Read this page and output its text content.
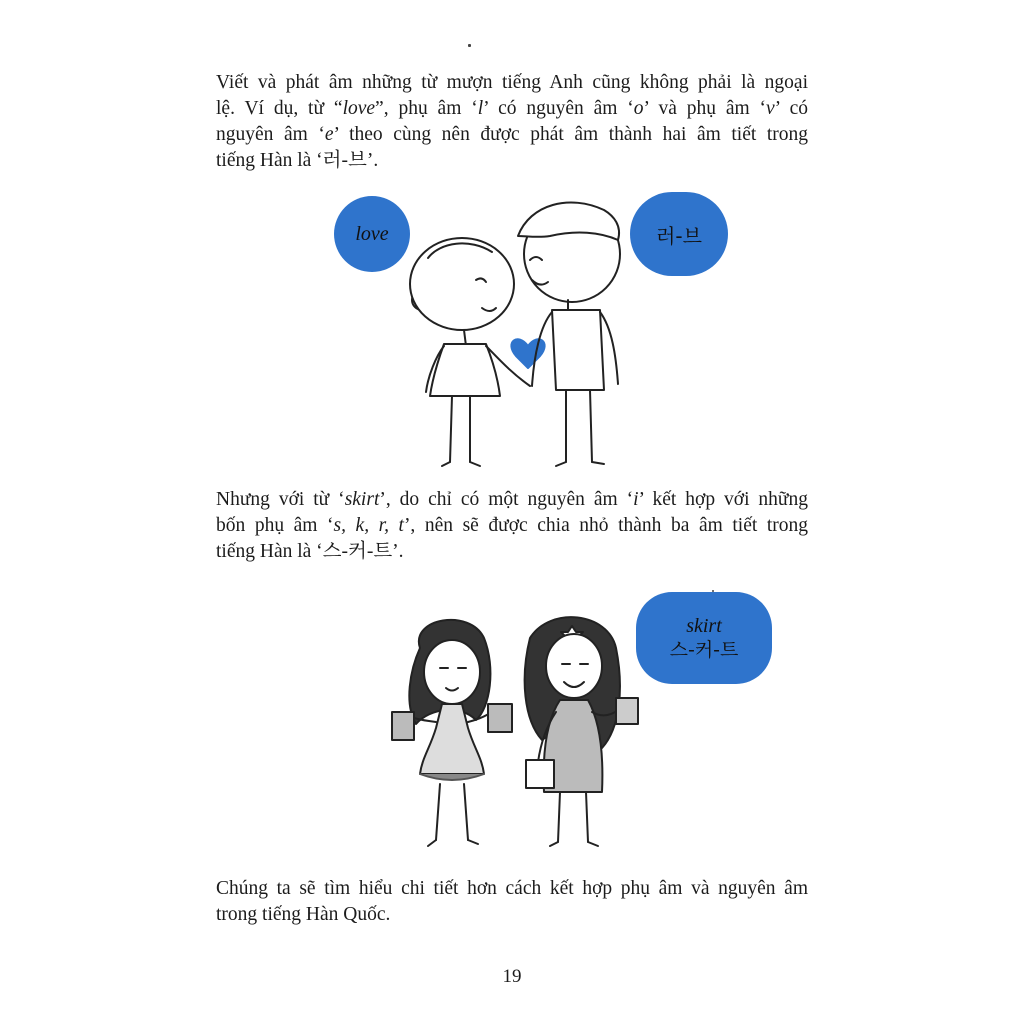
Viết và phát âm những từ mượn tiếng Anh cũng không phải là ngoại
lệ. Ví dụ, từ “love”, phụ âm ‘l’ có nguyên âm ‘o’ và phụ âm ‘v’ có
nguyên âm ‘e’ theo cùng nên được phát âm thành hai âm tiết trong
tiếng Hàn là ‘러-브’.

love	러-브

Nhưng với từ ‘skirt’, do chỉ có một nguyên âm ‘i’ kết hợp với những
bốn phụ âm ‘s, k, r, t’, nên sẽ được chia nhỏ thành ba âm tiết trong
tiếng Hàn là ‘스-커-트’.

skirt
스-커-트

Chúng ta sẽ tìm hiểu chi tiết hơn cách kết hợp phụ âm và nguyên âm
trong tiếng Hàn Quốc.

19
